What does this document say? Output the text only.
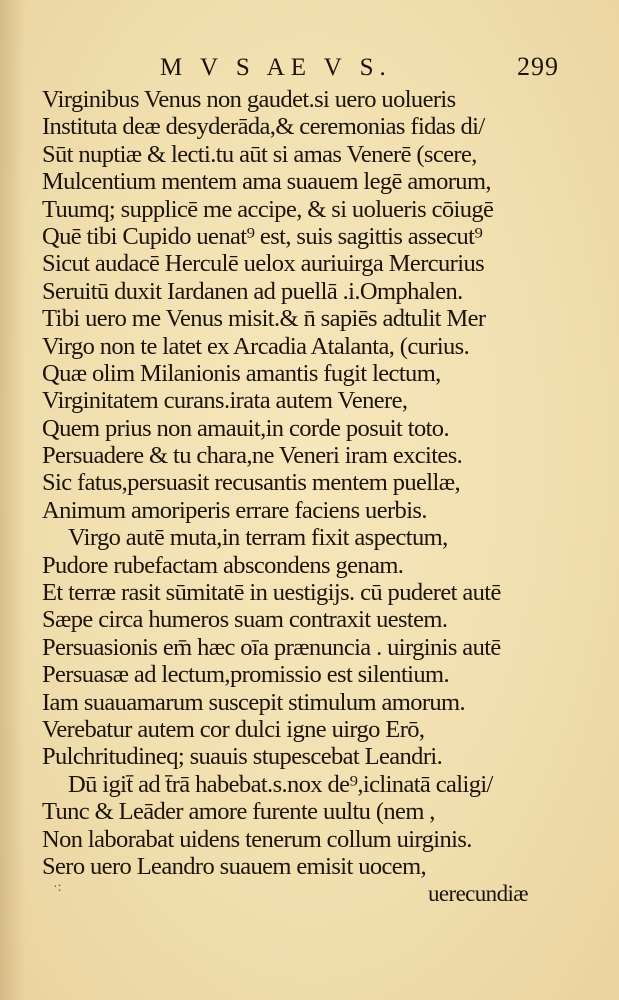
M V S AE V S.	299
Virginibus Venus non gaudet.si uero uolueris
Instituta deæ desyderāda,& ceremonias fidas di/
Sūt nuptiæ & lecti.tu aūt si amas Venerē (scere,
Mulcentium mentem ama suauem legē amorum,
Tuumq; supplicē me accipe, & si uolueris cōiugē
Quē tibi Cupido uenat⁹ est, suis sagittis assecut⁹
Sicut audacē Herculē uelox auriuirga Mercurius
Seruitū duxit Iardanen ad puellā .i.Omphalen.
Tibi uero me Venus misit.& n̄ sapiēs adtulit Mer
Virgo non te latet ex Arcadia Atalanta, (curius.
Quæ olim Milanionis amantis fugit lectum,
Virginitatem curans.irata autem Venere,
Quem prius non amauit,in corde posuit toto.
Persuadere & tu chara,ne Veneri iram excites.
Sic fatus,persuasit recusantis mentem puellæ,
Animum amoriperis errare faciens uerbis.
Virgo autē muta,in terram fixit aspectum,
Pudore rubefactam abscondens genam.
Et terræ rasit sūmitatē in uestigijs. cū puderet autē
Sæpe circa humeros suam contraxit uestem.
Persuasionis em̄ hæc oīa prænuncia . uirginis autē
Persuasæ ad lectum,promissio est silentium.
Iam suauamarum suscepit stimulum amorum.
Verebatur autem cor dulci igne uirgo Erō,
Pulchritudineq; suauis stupescebat Leandri.
Dū igit̄ ad t̄rā habebat.s.nox de⁹,iclinatā caligi/
Tunc & Leāder amore furente uultu (nem ,
Non laborabat uidens tenerum collum uirginis.
Sero uero Leandro suauem emisit uocem,
uerecundiæ
·:
